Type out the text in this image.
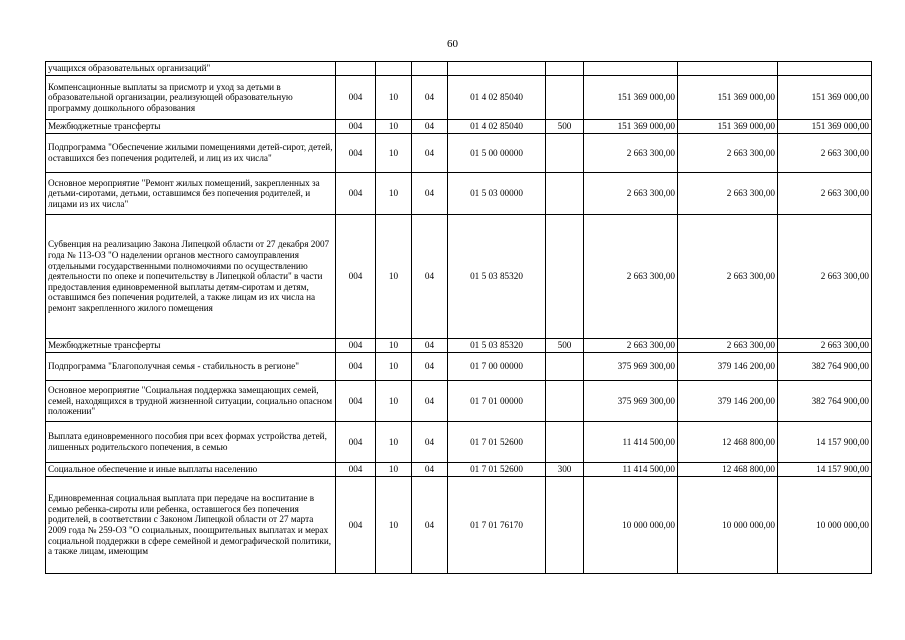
60
учащихся образовательных организаций"								
Компенсационные выплаты за присмотр и уход за детьми в образовательной организации, реализующей образовательную программу дошкольного образования	004	10	04	01 4 02 85040		151 369 000,00	151 369 000,00	151 369 000,00
Межбюджетные трансферты	004	10	04	01 4 02 85040	500	151 369 000,00	151 369 000,00	151 369 000,00
Подпрограмма "Обеспечение жилыми помещениями детей-сирот, детей, оставшихся без попечения родителей, и лиц из их числа"	004	10	04	01 5 00 00000		2 663 300,00	2 663 300,00	2 663 300,00
Основное мероприятие "Ремонт жилых помещений, закрепленных за детьми-сиротами, детьми, оставшимся без попечения родителей, и лицами из их числа"	004	10	04	01 5 03 00000		2 663 300,00	2 663 300,00	2 663 300,00
Субвенция на реализацию Закона Липецкой области от 27 декабря 2007 года № 113-ОЗ "О наделении органов местного самоуправления отдельными государственными полномочиями по осуществлению деятельности по опеке и попечительству в Липецкой области" в части предоставления единовременной выплаты детям-сиротам и детям, оставшимся без попечения родителей, а также лицам из их числа на ремонт закрепленного жилого помещения	004	10	04	01 5 03 85320		2 663 300,00	2 663 300,00	2 663 300,00
Межбюджетные трансферты	004	10	04	01 5 03 85320	500	2 663 300,00	2 663 300,00	2 663 300,00
Подпрограмма "Благополучная семья - стабильность в регионе"	004	10	04	01 7 00 00000		375 969 300,00	379 146 200,00	382 764 900,00
Основное мероприятие "Социальная поддержка замещающих семей, семей, находящихся в трудной жизненной ситуации, социально опасном положении"	004	10	04	01 7 01 00000		375 969 300,00	379 146 200,00	382 764 900,00
Выплата единовременного пособия при всех формах устройства детей, лишенных родительского попечения, в семью	004	10	04	01 7 01 52600		11 414 500,00	12 468 800,00	14 157 900,00
Социальное обеспечение и иные выплаты населению	004	10	04	01 7 01 52600	300	11 414 500,00	12 468 800,00	14 157 900,00
Единовременная социальная выплата при передаче на воспитание в семью ребенка-сироты или ребенка, оставшегося без попечения родителей, в соответствии с Законом Липецкой области от 27 марта 2009 года № 259-ОЗ "О социальных, поощрительных выплатах и мерах социальной поддержки в сфере семейной и демографической политики, а также лицам, имеющим	004	10	04	01 7 01 76170		10 000 000,00	10 000 000,00	10 000 000,00
